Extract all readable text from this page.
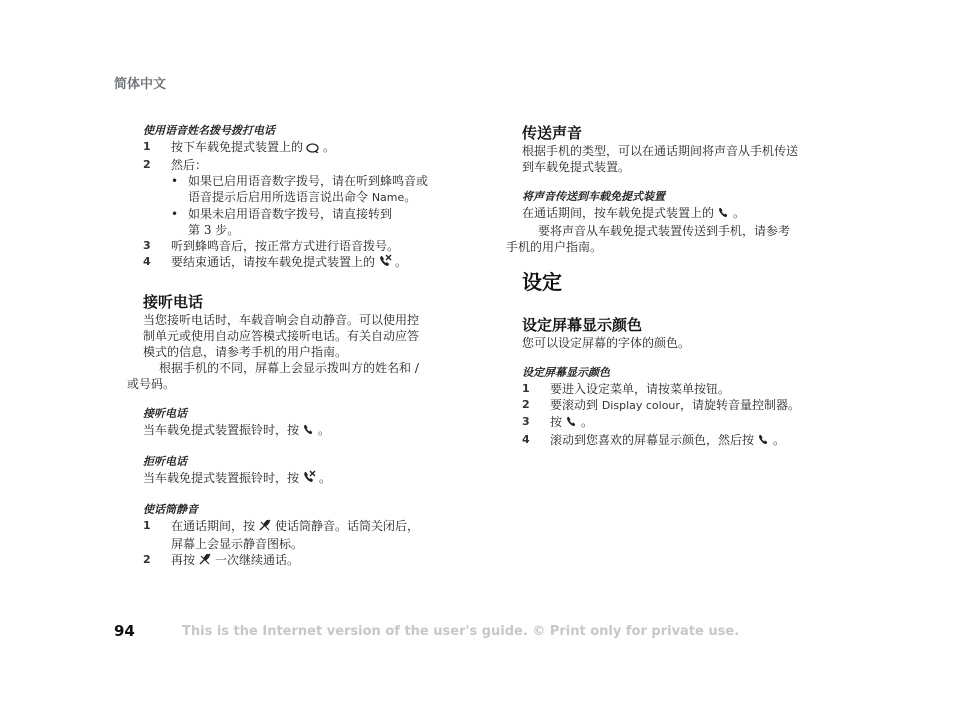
简体中文

使用语音姓名拨号拨打电话

1 按下车载免提式装置上的 。
2 然后：
• 如果已启用语音数字拨号，请在听到蜂鸣音或
语音提示后启用所选语言说出命令 Name。
• 如果未启用语音数字拨号，请直接转到
第 3 步。
3 听到蜂鸣音后，按正常方式进行语音拨号。
4 要结束通话，请按车载免提式装置上的 。

接听电话

当您接听电话时，车载音响会自动静音。可以使用控
制单元或使用自动应答模式接听电话。有关自动应答
模式的信息，请参考手机的用户指南。

根据手机的不同，屏幕上会显示拨叫方的姓名和 /
或号码。

接听电话

当车载免提式装置振铃时，按 。

拒听电话

当车载免提式装置振铃时，按 。

使话筒静音

1 在通话期间，按 使话筒静音。话筒关闭后，
屏幕上会显示静音图标。
2 再按 一次继续通话。

传送声音

根据手机的类型，可以在通话期间将声音从手机传送
到车载免提式装置。

将声音传送到车载免提式装置

在通话期间，按车载免提式装置上的 。

要将声音从车载免提式装置传送到手机，请参考
手机的用户指南。

设定

设定屏幕显示颜色

您可以设定屏幕的字体的颜色。

设定屏幕显示颜色

1 要进入设定菜单，请按菜单按钮。
2 要滚动到 Display colour，请旋转音量控制器。
3 按 。
4 滚动到您喜欢的屏幕显示颜色，然后按 。
94	This is the Internet version of the user's guide. © Print only for private use.
